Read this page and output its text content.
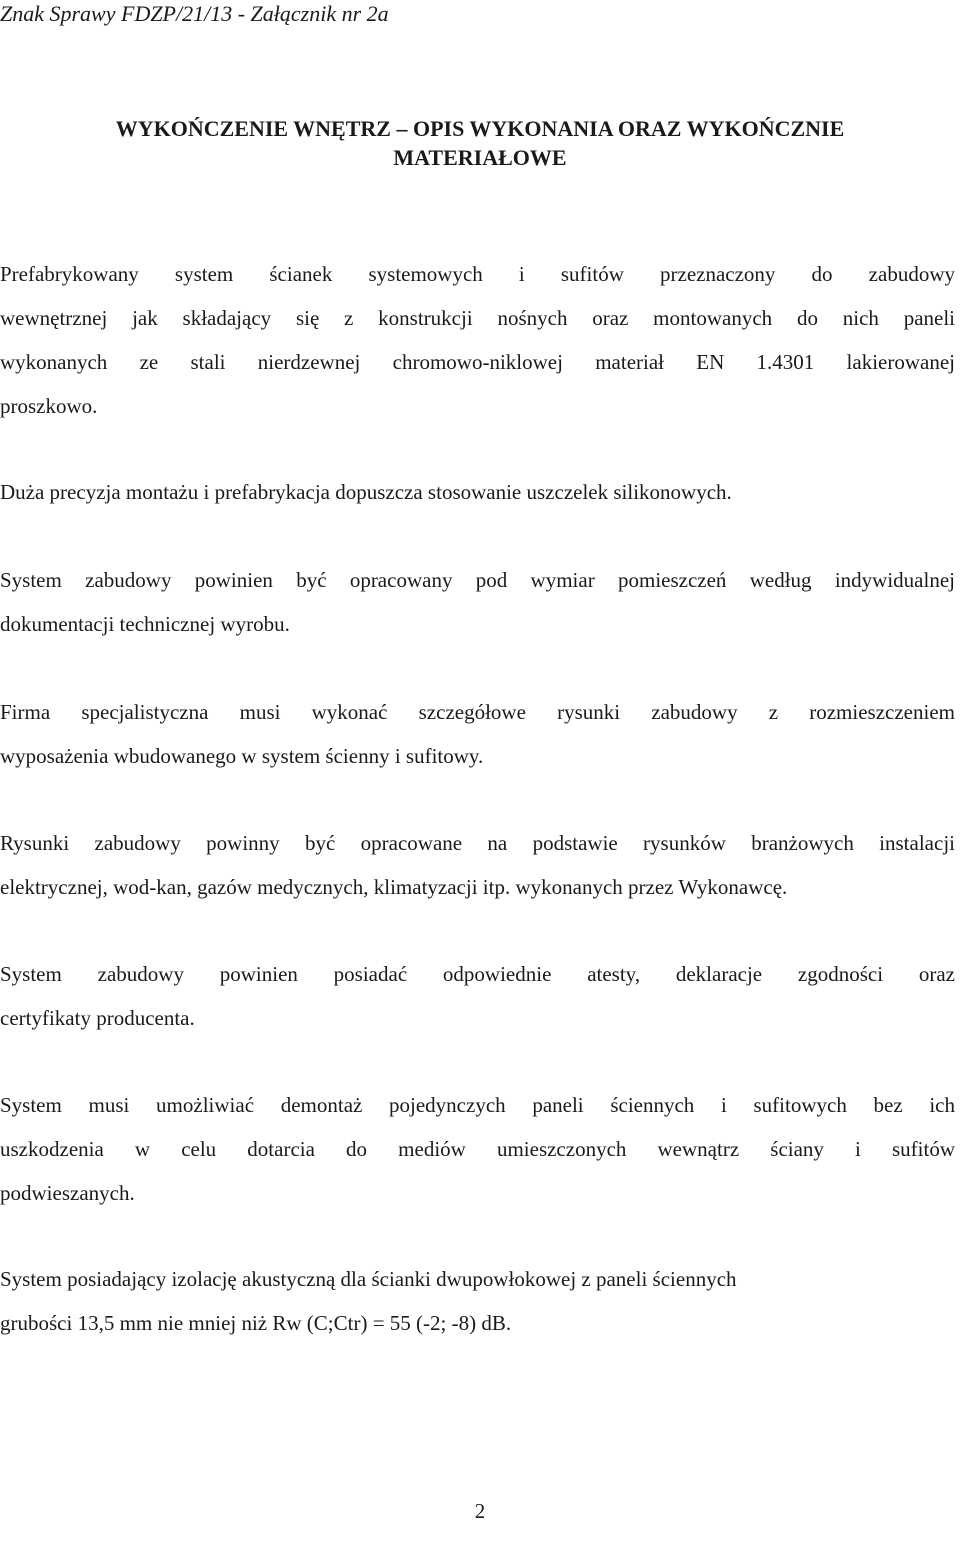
Znak Sprawy FDZP/21/13 - Załącznik nr 2a
WYKOŃCZENIE WNĘTRZ – OPIS WYKONANIA ORAZ WYKOŃCZNIE
MATERIAŁOWE
Prefabrykowany system ścianek systemowych i sufitów przeznaczony do zabudowy
wewnętrznej jak składający się z konstrukcji nośnych oraz montowanych do nich paneli
wykonanych ze stali nierdzewnej chromowo-niklowej materiał EN 1.4301 lakierowanej
proszkowo.
Duża precyzja montażu i prefabrykacja dopuszcza stosowanie uszczelek silikonowych.
System zabudowy powinien być opracowany pod wymiar pomieszczeń według indywidualnej
dokumentacji technicznej wyrobu.
Firma specjalistyczna musi wykonać szczegółowe rysunki zabudowy z rozmieszczeniem
wyposażenia wbudowanego w system ścienny i sufitowy.
Rysunki zabudowy powinny być opracowane na podstawie rysunków branżowych instalacji
elektrycznej, wod-kan, gazów medycznych, klimatyzacji itp. wykonanych przez Wykonawcę.
System zabudowy powinien posiadać odpowiednie atesty, deklaracje zgodności oraz
certyfikaty producenta.
System musi umożliwiać demontaż pojedynczych paneli ściennych i sufitowych bez ich
uszkodzenia w celu dotarcia do mediów umieszczonych wewnątrz ściany i sufitów
podwieszanych.
System posiadający izolację akustyczną dla ścianki dwupowłokowej z paneli ściennych
grubości 13,5 mm nie mniej niż Rw (C;Ctr) = 55 (-2; -8) dB.
2
